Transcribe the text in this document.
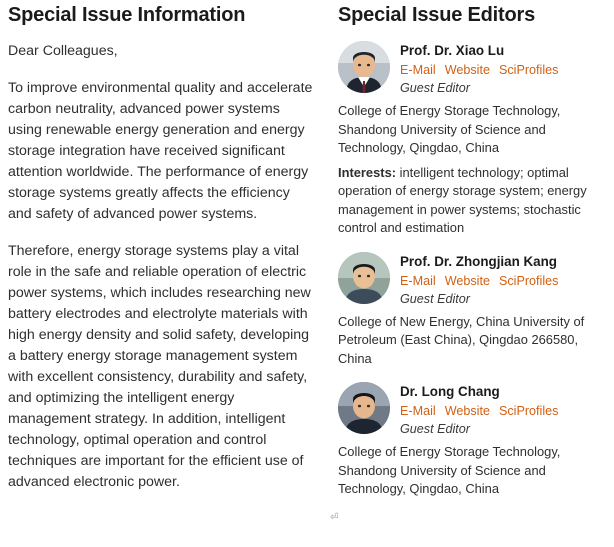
Special Issue Information

Dear Colleagues,

To improve environmental quality and accelerate carbon neutrality, advanced power systems using renewable energy generation and energy storage integration have received significant attention worldwide. The performance of energy storage systems greatly affects the efficiency and safety of advanced power systems.

Therefore, energy storage systems play a vital role in the safe and reliable operation of electric power systems, which includes researching new battery electrodes and electrolyte materials with high energy density and solid safety, developing a battery energy storage management system with excellent consistency, durability and safety, and optimizing the intelligent energy management strategy. In addition, intelligent technology, optimal operation and control techniques are important for the efficient use of advanced electronic power.

Special Issue Editors

Prof. Dr. Xiao Lu

E-Mail Website SciProfiles

Guest Editor

College of Energy Storage Technology, Shandong University of Science and Technology, Qingdao, China

Interests: intelligent technology; optimal operation of energy storage system; energy management in power systems; stochastic control and estimation

Prof. Dr. Zhongjian Kang

E-Mail Website SciProfiles

Guest Editor

College of New Energy, China University of Petroleum (East China), Qingdao 266580, China

Dr. Long Chang

E-Mail Website SciProfiles

Guest Editor

College of Energy Storage Technology, Shandong University of Science and Technology, Qingdao, China

⏎
